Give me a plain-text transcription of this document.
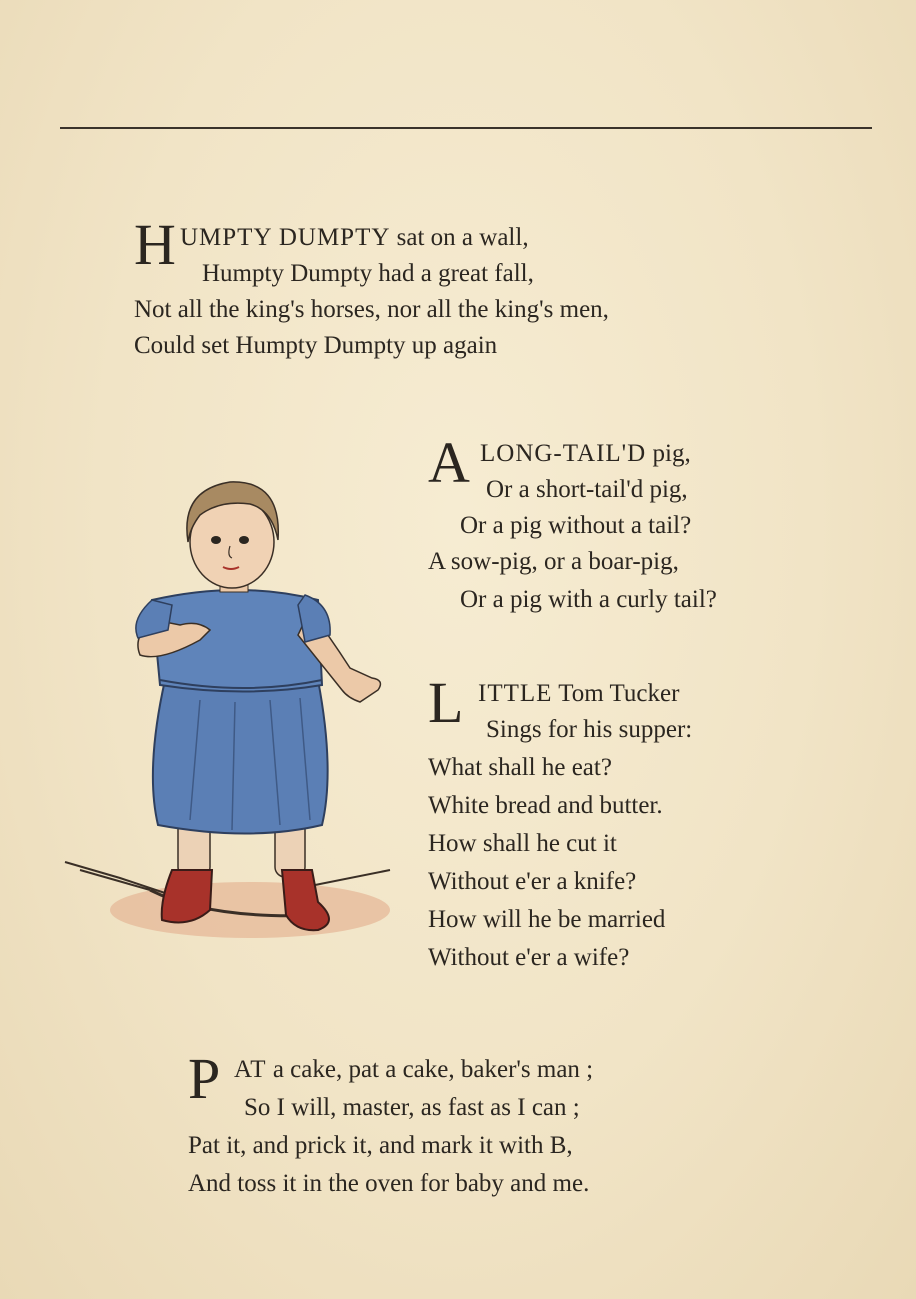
H UMPTY DUMPTY sat on a wall,
Humpty Dumpty had a great fall,
Not all the king's horses, nor all the king's men,
Could set Humpty Dumpty up again
A LONG-TAIL'D pig,
Or a short-tail'd pig,
Or a pig without a tail?
A sow-pig, or a boar-pig,
Or a pig with a curly tail?
L ITTLE Tom Tucker
Sings for his supper:
What shall he eat?
White bread and butter.
How shall he cut it
Without e'er a knife?
How will he be married
Without e'er a wife?
P AT a cake, pat a cake, baker's man ;
So I will, master, as fast as I can ;
Pat it, and prick it, and mark it with B,
And toss it in the oven for baby and me.
